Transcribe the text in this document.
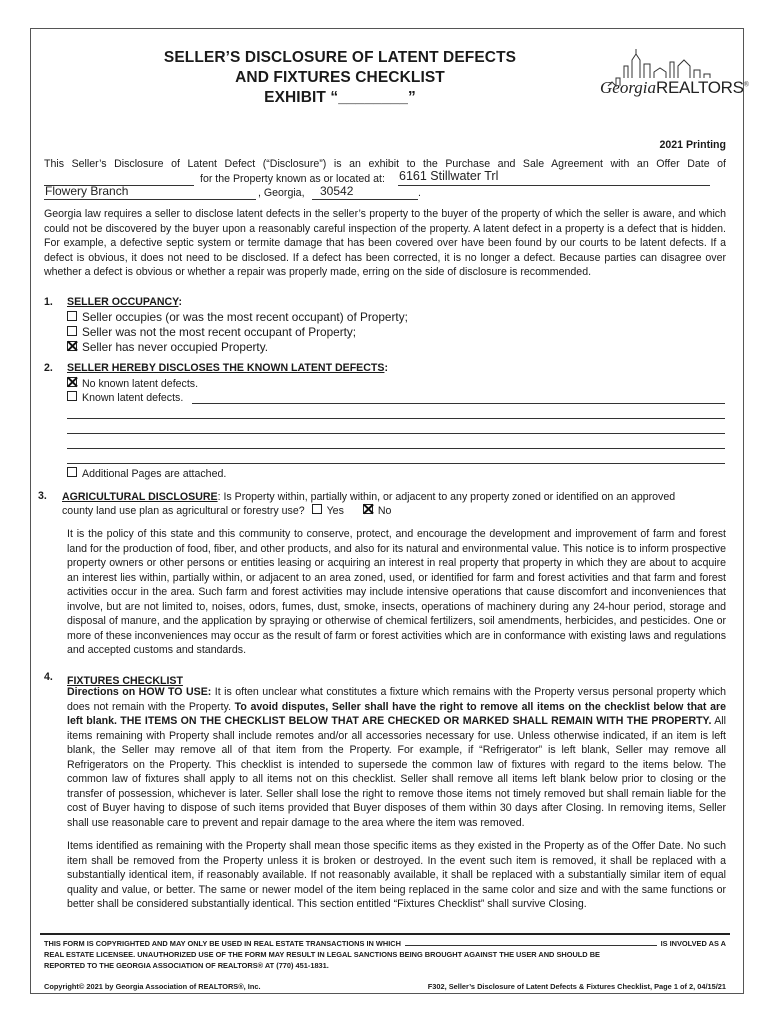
SELLER’S DISCLOSURE OF LATENT DEFECTS
AND FIXTURES CHECKLIST
EXHIBIT “________”
GeorgiaREALTORS®
2021 Printing
This Seller’s Disclosure of Latent Defect (“Disclosure”) is an exhibit to the Purchase and Sale Agreement with an Offer Date of
for the Property known as or located at: 6161 Stillwater Trl
Flowery Branch	, Georgia, 30542	.
Georgia law requires a seller to disclose latent defects in the seller’s property to the buyer of the property of which the seller is aware, and which could not be discovered by the buyer upon a reasonably careful inspection of the property. A latent defect in a property is a defect that is hidden. For example, a defective septic system or termite damage that has been covered over have been found by our courts to be latent defects. If a defect is obvious, it does not need to be disclosed. If a defect has been corrected, it is no longer a defect. Because parties can disagree over whether a defect is obvious or whether a repair was properly made, erring on the side of disclosure is recommended.
1. SELLER OCCUPANCY:
Seller occupies (or was the most recent occupant) of Property;
Seller was not the most recent occupant of Property;
Seller has never occupied Property.
2. SELLER HEREBY DISCLOSES THE KNOWN LATENT DEFECTS:
No known latent defects.
Known latent defects.
Additional Pages are attached.
3. AGRICULTURAL DISCLOSURE: Is Property within, partially within, or adjacent to any property zoned or identified on an approved
county land use plan as agricultural or forestry use? Yes	No
It is the policy of this state and this community to conserve, protect, and encourage the development and improvement of farm and forest land for the production of food, fiber, and other products, and also for its natural and environmental value. This notice is to inform prospective property owners or other persons or entities leasing or acquiring an interest in real property that property in which they are about to acquire an interest lies within, partially within, or adjacent to an area zoned, used, or identified for farm and forest activities and that farm and forest activities occur in the area. Such farm and forest activities may include intensive operations that cause discomfort and inconveniences that involve, but are not limited to, noises, odors, fumes, dust, smoke, insects, operations of machinery during any 24-hour period, storage and disposal of manure, and the application by spraying or otherwise of chemical fertilizers, soil amendments, herbicides, and pesticides. One or more of these inconveniences may occur as the result of farm or forest activities which are in conformance with existing laws and regulations and accepted customs and standards.
4. FIXTURES CHECKLIST
Directions on HOW TO USE: It is often unclear what constitutes a fixture which remains with the Property versus personal property which does not remain with the Property. To avoid disputes, Seller shall have the right to remove all items on the checklist below that are left blank. THE ITEMS ON THE CHECKLIST BELOW THAT ARE CHECKED OR MARKED SHALL REMAIN WITH THE PROPERTY. All items remaining with Property shall include remotes and/or all accessories necessary for use. Unless otherwise indicated, if an item is left blank, the Seller may remove all of that item from the Property. For example, if “Refrigerator” is left blank, Seller may remove all Refrigerators on the Property. This checklist is intended to supersede the common law of fixtures with regard to the items below. The common law of fixtures shall apply to all items not on this checklist. Seller shall remove all items left blank below prior to closing or the transfer of possession, whichever is later. Seller shall lose the right to remove those items not timely removed but shall remain liable for the cost of Buyer having to dispose of such items provided that Buyer disposes of them within 30 days after Closing. In removing items, Seller shall use reasonable care to prevent and repair damage to the area where the item was removed.
Items identified as remaining with the Property shall mean those specific items as they existed in the Property as of the Offer Date. No such item shall be removed from the Property unless it is broken or destroyed. In the event such item is removed, it shall be replaced with a substantially identical item, if reasonably available. If not reasonably available, it shall be replaced with a substantially similar item of equal quality and value, or better. The same or newer model of the item being replaced in the same color and size and with the same functions or better shall be considered substantially identical. This section entitled “Fixtures Checklist” shall survive Closing.
THIS FORM IS COPYRIGHTED AND MAY ONLY BE USED IN REAL ESTATE TRANSACTIONS IN WHICH	IS INVOLVED AS A
REAL ESTATE LICENSEE. UNAUTHORIZED USE OF THE FORM MAY RESULT IN LEGAL SANCTIONS BEING BROUGHT AGAINST THE USER AND SHOULD BE
REPORTED TO THE GEORGIA ASSOCIATION OF REALTORS® AT (770) 451-1831.
Copyright© 2021 by Georgia Association of REALTORS®, Inc.	F302, Seller’s Disclosure of Latent Defects & Fixtures Checklist, Page 1 of 2, 04/15/21
